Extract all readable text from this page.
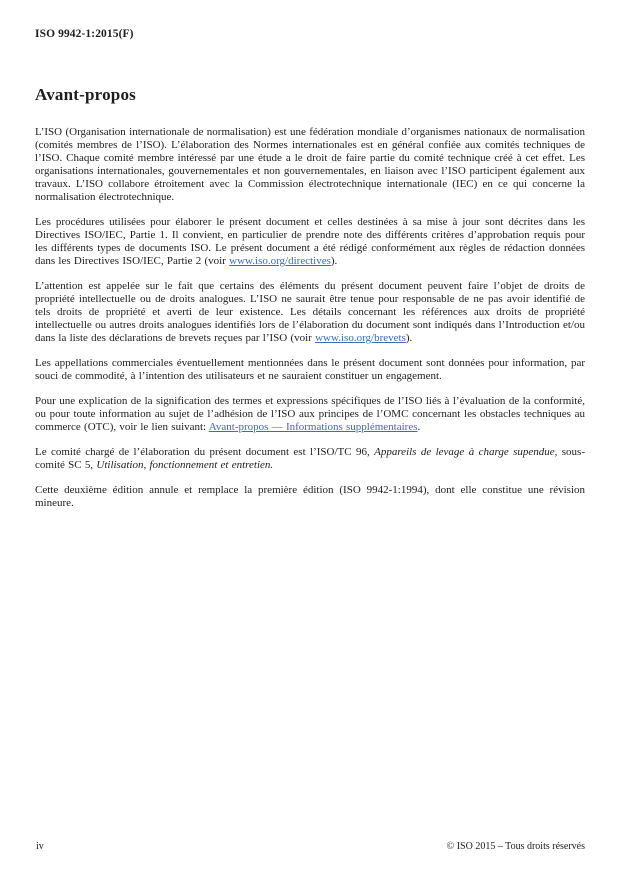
ISO 9942-1:2015(F)
Avant-propos

L’ISO (Organisation internationale de normalisation) est une fédération mondiale d’organismes nationaux de normalisation (comités membres de l’ISO). L’élaboration des Normes internationales est en général confiée aux comités techniques de l’ISO. Chaque comité membre intéressé par une étude a le droit de faire partie du comité technique créé à cet effet. Les organisations internationales, gouvernementales et non gouvernementales, en liaison avec l’ISO participent également aux travaux. L’ISO collabore étroitement avec la Commission électrotechnique internationale (IEC) en ce qui concerne la normalisation électrotechnique.

Les procédures utilisées pour élaborer le présent document et celles destinées à sa mise à jour sont décrites dans les Directives ISO/IEC, Partie 1. Il convient, en particulier de prendre note des différents critères d’approbation requis pour les différents types de documents ISO. Le présent document a été rédigé conformément aux règles de rédaction données dans les Directives ISO/IEC, Partie 2 (voir www.iso.org/directives).

L’attention est appelée sur le fait que certains des éléments du présent document peuvent faire l’objet de droits de propriété intellectuelle ou de droits analogues. L’ISO ne saurait être tenue pour responsable de ne pas avoir identifié de tels droits de propriété et averti de leur existence. Les détails concernant les références aux droits de propriété intellectuelle ou autres droits analogues identifiés lors de l’élaboration du document sont indiqués dans l’Introduction et/ou dans la liste des déclarations de brevets reçues par l’ISO (voir www.iso.org/brevets).

Les appellations commerciales éventuellement mentionnées dans le présent document sont données pour information, par souci de commodité, à l’intention des utilisateurs et ne sauraient constituer un engagement.

Pour une explication de la signification des termes et expressions spécifiques de l’ISO liés à l’évaluation de la conformité, ou pour toute information au sujet de l’adhésion de l’ISO aux principes de l’OMC concernant les obstacles techniques au commerce (OTC), voir le lien suivant: Avant-propos — Informations supplémentaires.

Le comité chargé de l’élaboration du présent document est l’ISO/TC 96, Appareils de levage à charge supendue, sous-comité SC 5, Utilisation, fonctionnement et entretien.

Cette deuxième édition annule et remplace la première édition (ISO 9942-1:1994), dont elle constitue une révision mineure.

iv	© ISO 2015 – Tous droits réservés
